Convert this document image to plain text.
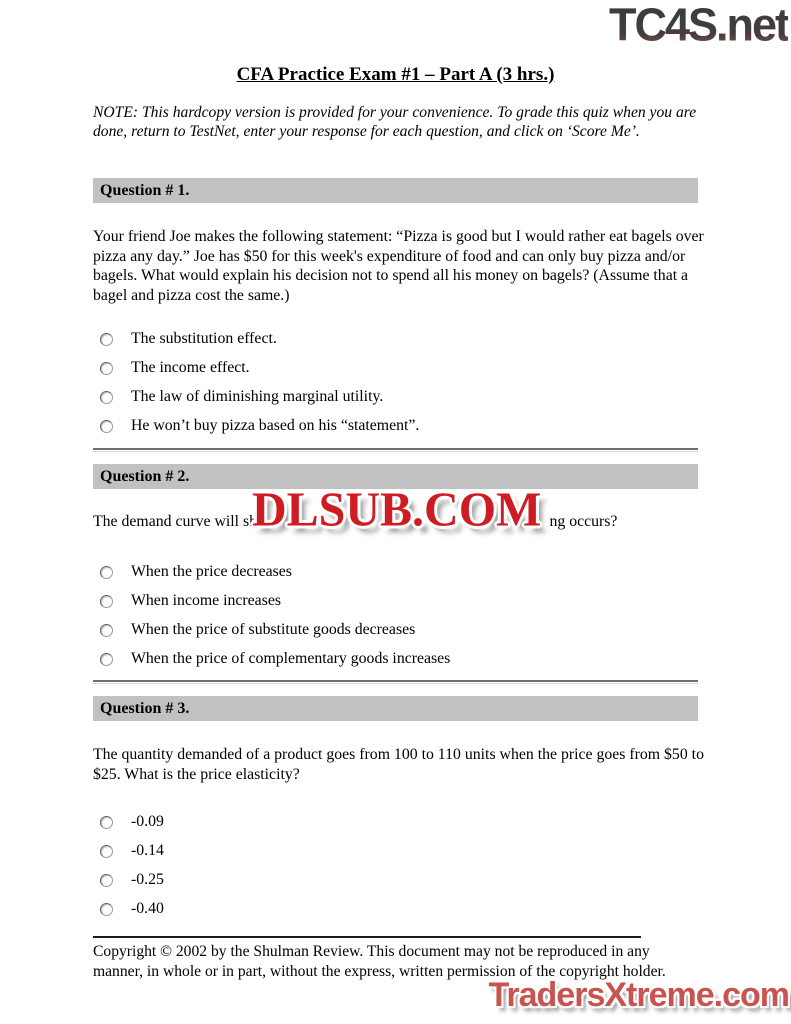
TC4S.net
CFA Practice Exam #1 – Part A (3 hrs.)
NOTE: This hardcopy version is provided for your convenience. To grade this quiz when you are done, return to TestNet, enter your response for each question, and click on ‘Score Me’.
Question # 1.
Your friend Joe makes the following statement: “Pizza is good but I would rather eat bagels over pizza any day.” Joe has $50 for this week's expenditure of food and can only buy pizza and/or bagels. What would explain his decision not to spend all his money on bagels? (Assume that a bagel and pizza cost the same.)
The substitution effect.
The income effect.
The law of diminishing marginal utility.
He won’t buy pizza based on his “statement”.
Question # 2.
The demand curve will shi	ng occurs?
When the price decreases
When income increases
When the price of substitute goods decreases
When the price of complementary goods increases
Question # 3.
The quantity demanded of a product goes from 100 to 110 units when the price goes from $50 to $25. What is the price elasticity?
-0.09
-0.14
-0.25
-0.40
Copyright © 2002 by the Shulman Review. This document may not be reproduced in any manner, in whole or in part, without the express, written permission of the copyright holder.
DLSUB.COM
TradersXtreme.com
